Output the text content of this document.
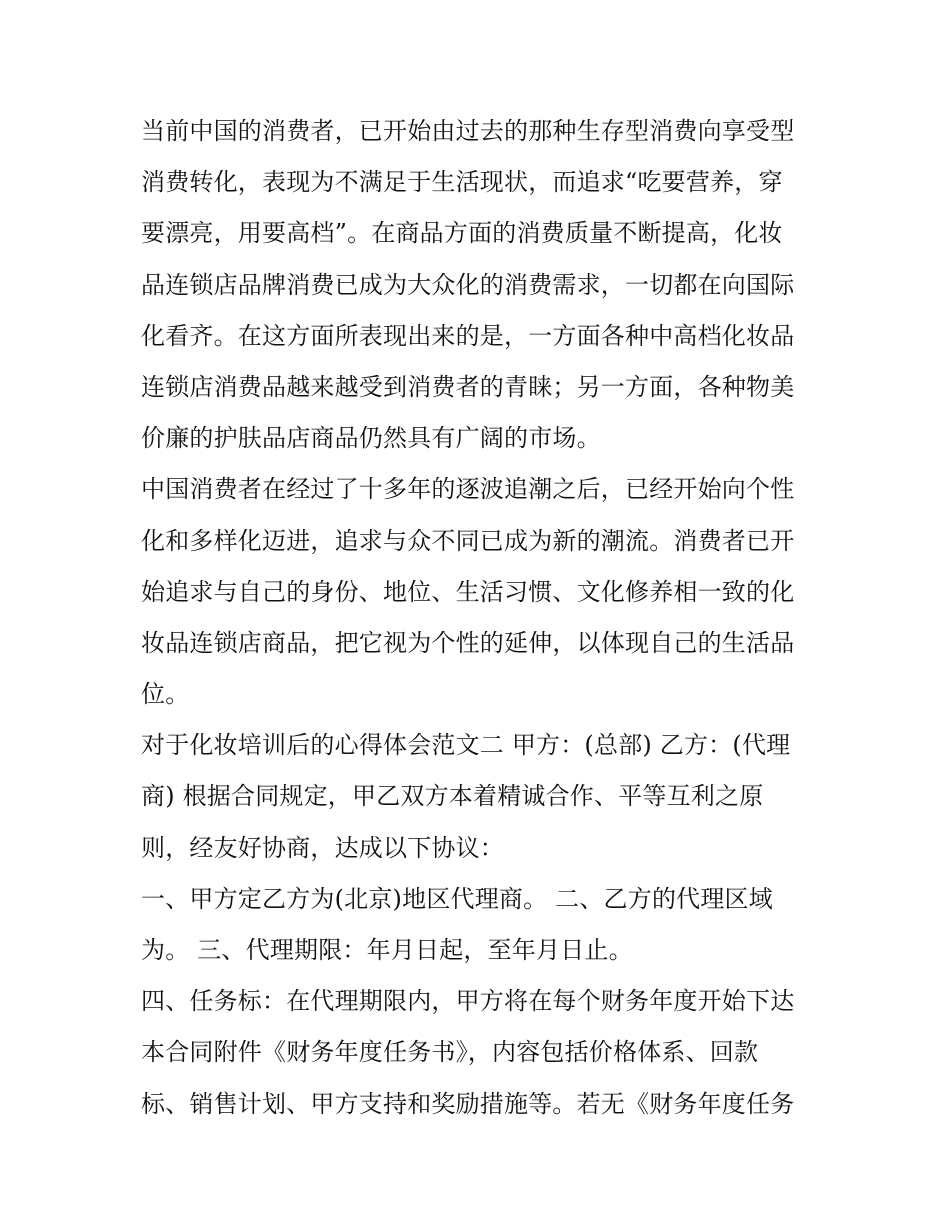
当前中国的消费者，已开始由过去的那种生存型消费向享受型
消费转化，表现为不满足于生活现状，而追求“吃要营养，穿
要漂亮，用要高档”。在商品方面的消费质量不断提高，化妆
品连锁店品牌消费已成为大众化的消费需求，一切都在向国际
化看齐。在这方面所表现出来的是，一方面各种中高档化妆品
连锁店消费品越来越受到消费者的青睐；另一方面，各种物美
价廉的护肤品店商品仍然具有广阔的市场。
中国消费者在经过了十多年的逐波追潮之后，已经开始向个性
化和多样化迈进，追求与众不同已成为新的潮流。消费者已开
始追求与自己的身份、地位、生活习惯、文化修养相一致的化
妆品连锁店商品，把它视为个性的延伸，以体现自己的生活品
位。
对于化妆培训后的心得体会范文二 甲方：(总部) 乙方：(代理
商) 根据合同规定，甲乙双方本着精诚合作、平等互利之原
则，经友好协商，达成以下协议：
一、甲方定乙方为(北京)地区代理商。 二、乙方的代理区域
为。 三、代理期限：年月日起，至年月日止。
四、任务标：在代理期限内，甲方将在每个财务年度开始下达
本合同附件《财务年度任务书》，内容包括价格体系、回款
标、销售计划、甲方支持和奖励措施等。若无《财务年度任务
